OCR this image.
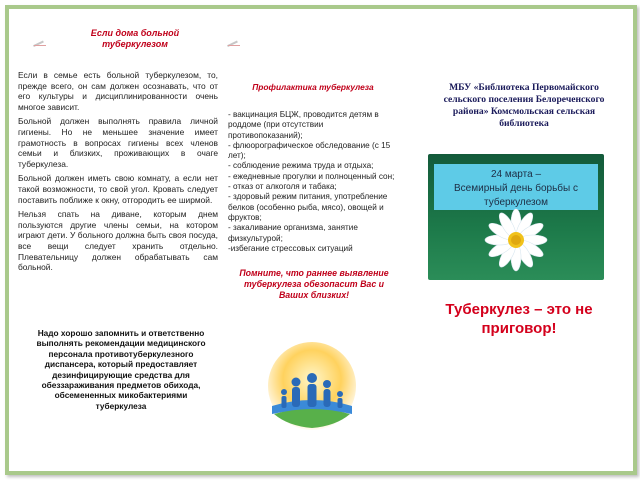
Если дома больной туберкулезом

Если в семье есть больной туберкулезом, то, прежде всего, он сам должен осознавать, что от его культуры и дисциплинированности очень многое зависит.

Больной должен выполнять правила личной гигиены. Но не меньшее значение имеет грамотность в вопросах гигиены всех членов семьи и близких, проживающих в очаге туберкулеза.

Больной должен иметь свою комнату, а если нет такой возможности, то свой угол. Кровать следует поставить поближе к окну, отгородить ее ширмой.

Нельзя спать на диване, которым днем пользуются другие члены семьи, на котором играют дети. У больного должна быть своя посуда, все вещи следует хранить отдельно. Плевательницу должен обрабатывать сам больной.

Надо хорошо запомнить и ответственно выполнять рекомендации медицинского персонала противотуберкулезного диспансера, который предоставляет дезинфицирующие средства для обеззараживания предметов обихода, обсемененных микобактериями туберкулеза
Профилактика туберкулеза
- вакцинация БЦЖ, проводится детям в роддоме (при отсутствии противопоказаний);
- флюорографическое обследование (с 15 лет);
- соблюдение режима труда и отдыха;
- ежедневные прогулки и полноценный сон;
- отказ от алкоголя и табака;
- здоровый режим питания, употребление белков (особенно рыба, мясо), овощей и фруктов;
- закаливание организма, занятие физкультурой;
-избегание стрессовых ситуаций
Помните, что раннее выявление туберкулеза обезопасит Вас и Ваших близких!
МБУ «Библиотека Первомайского сельского поселения Белореченского района» Комсмольская сельская библиотека
24 марта –
Всемирный день борьбы с туберкулезом
Туберкулез – это не приговор!
